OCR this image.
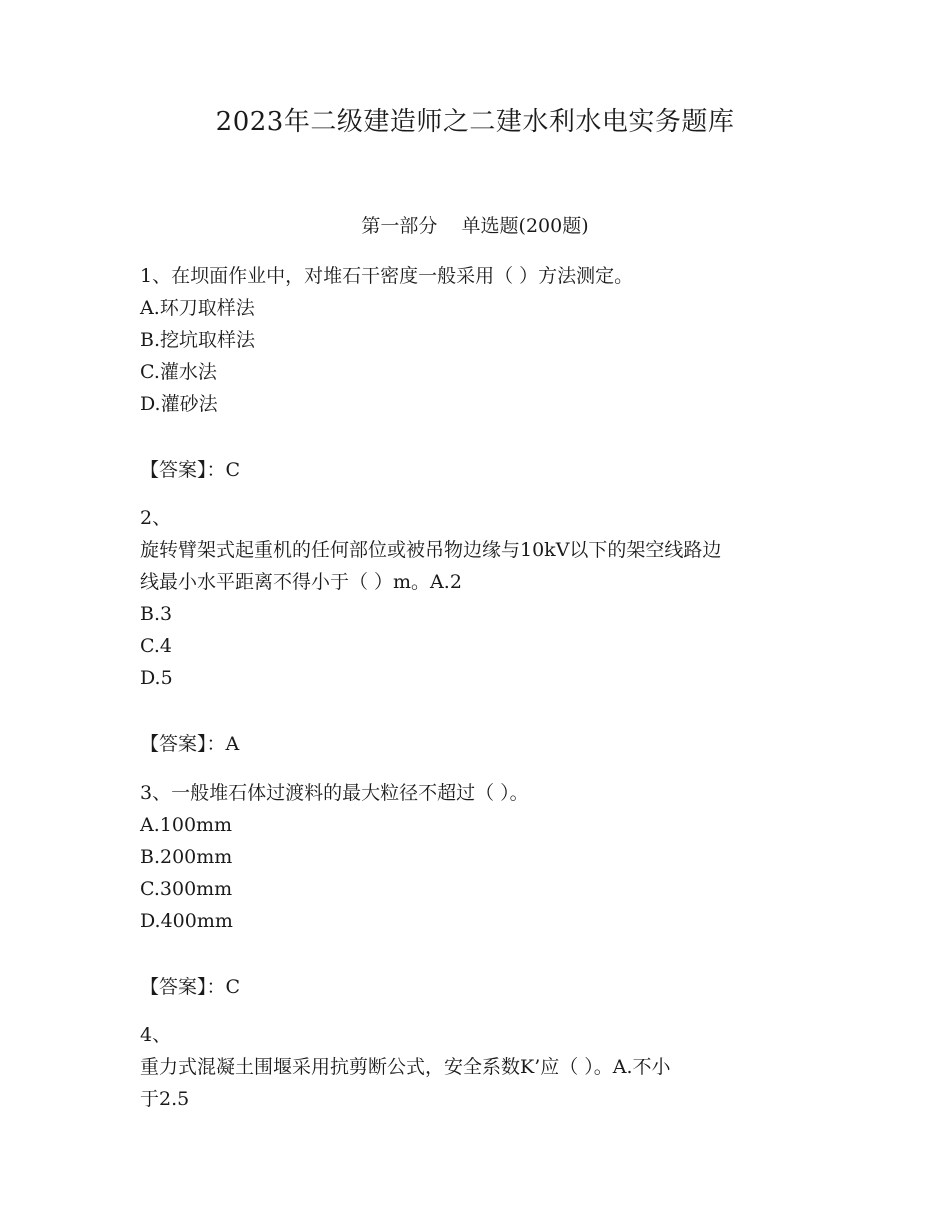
2023年二级建造师之二建水利水电实务题库
第一部分    单选题(200题)
1、在坝面作业中，对堆石干密度一般采用（ ）方法测定。
A.环刀取样法
B.挖坑取样法
C.灌水法
D.灌砂法
【答案】：C
2、
旋转臂架式起重机的任何部位或被吊物边缘与10kV以下的架空线路边
线最小水平距离不得小于（ ）m。A.2
B.3
C.4
D.5
【答案】：A
3、一般堆石体过渡料的最大粒径不超过（ ）。
A.100mm
B.200mm
C.300mm
D.400mm
【答案】：C
4、
重力式混凝土围堰采用抗剪断公式，安全系数K’应（ ）。A.不小
于2.5
